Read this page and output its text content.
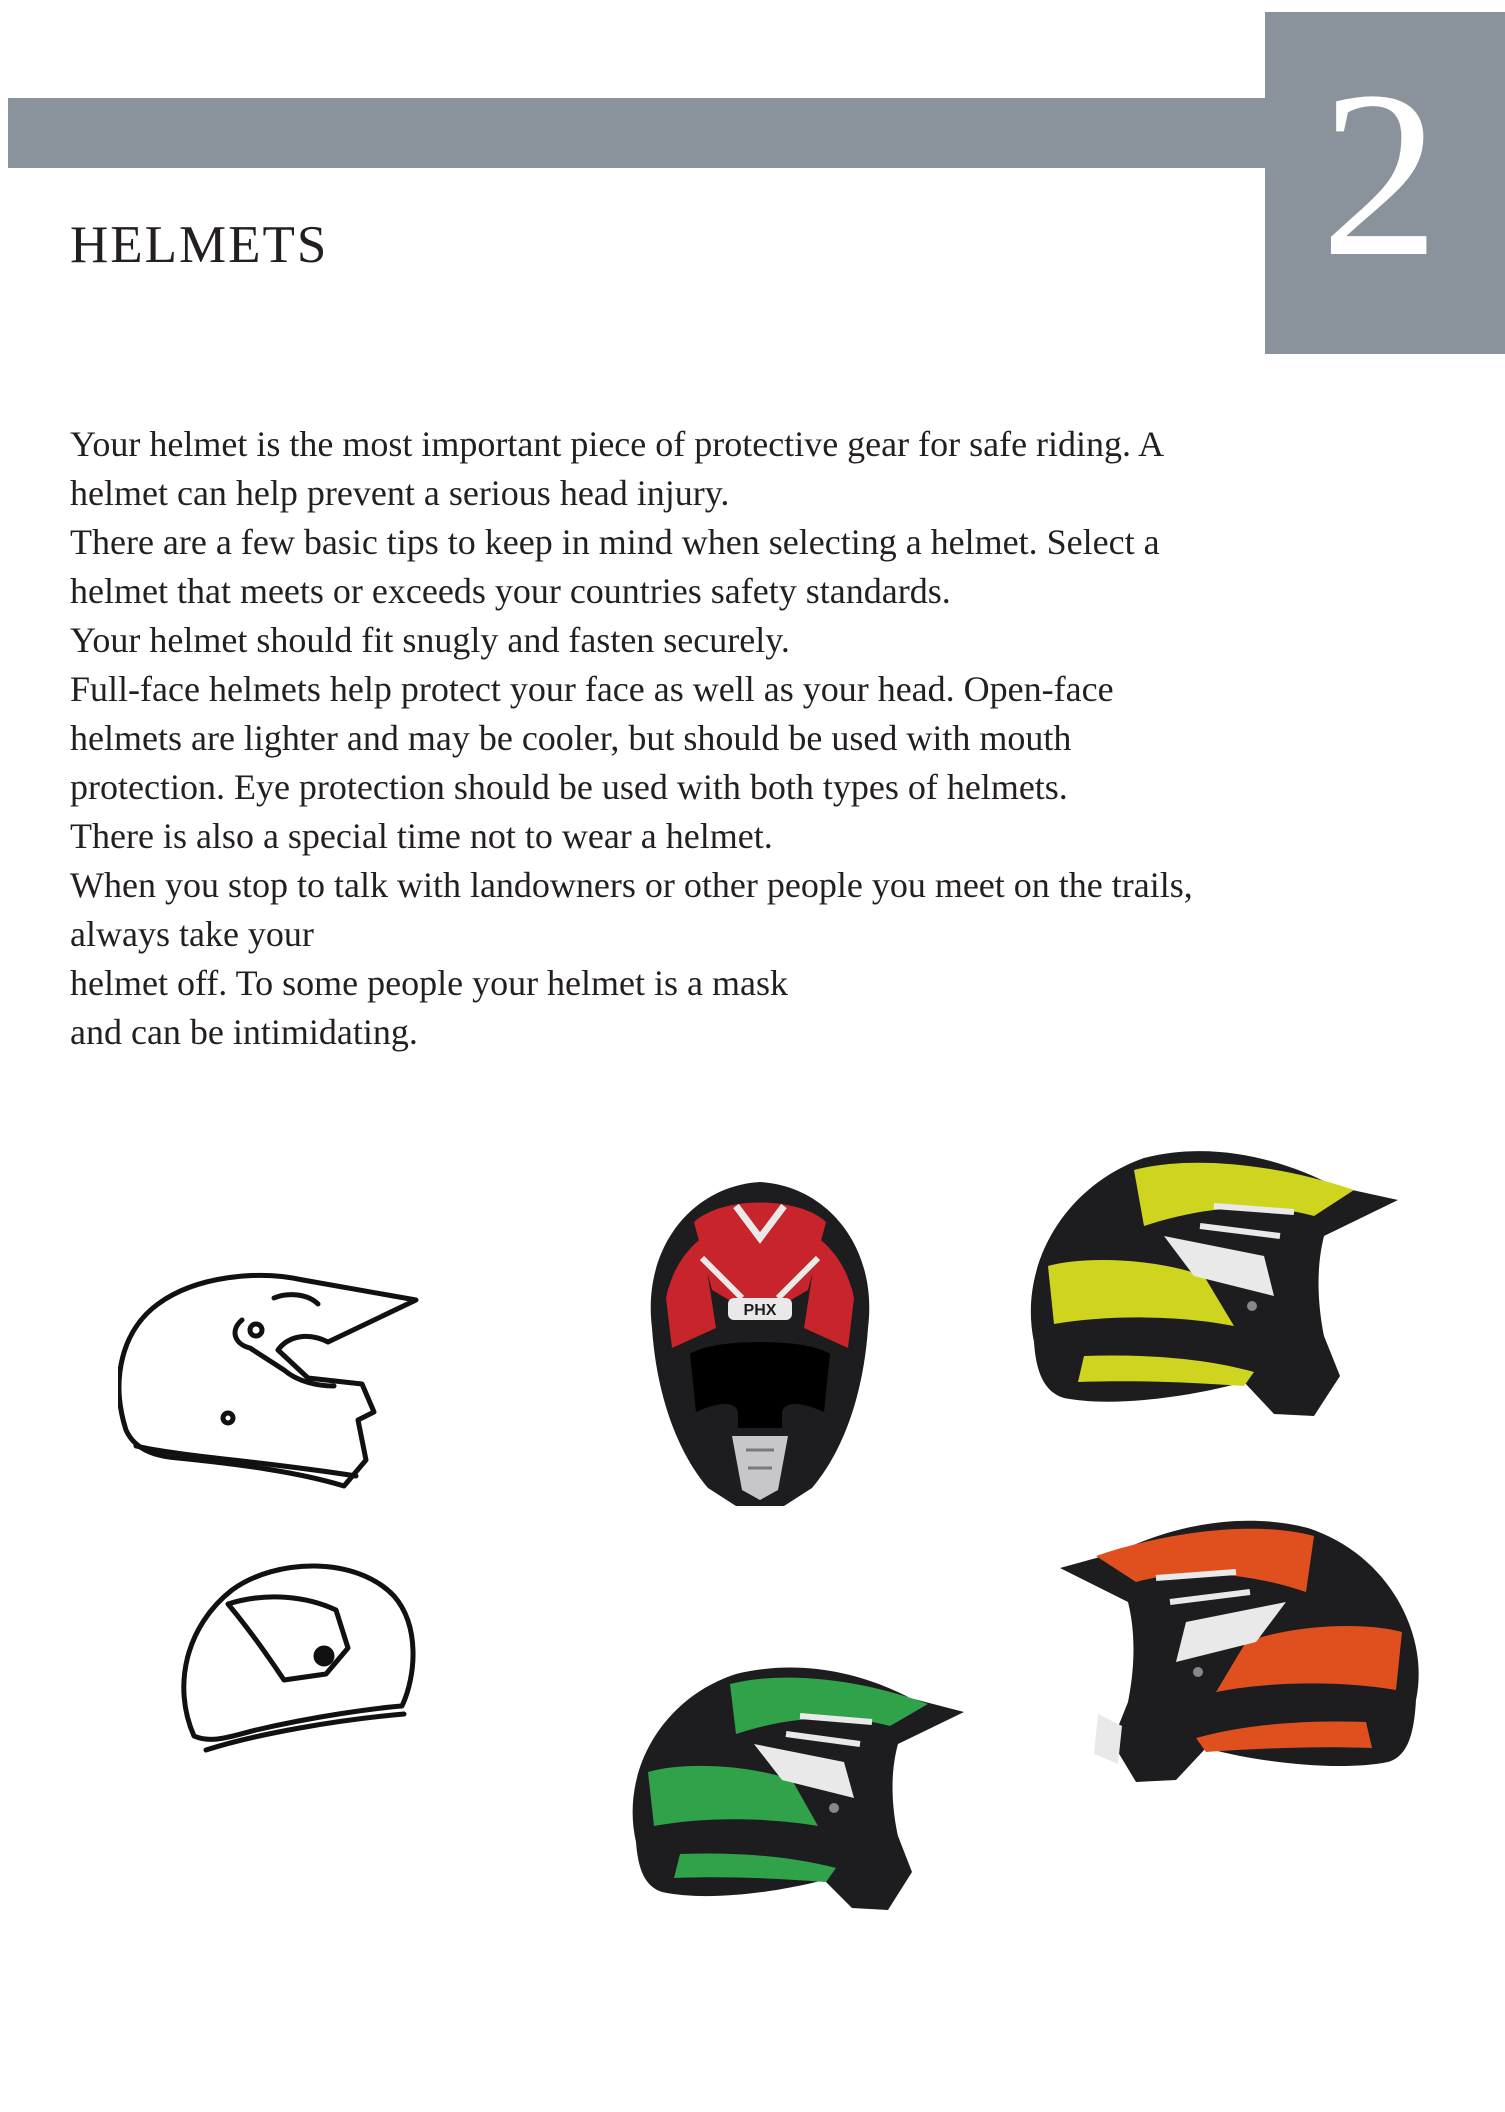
2
HELMETS

Your helmet is the most important piece of protective gear for safe riding. A

helmet can help prevent a serious head injury.

There are a few basic tips to keep in mind when selecting a helmet. Select a

helmet that meets or exceeds your countries safety standards.

Your helmet should fit snugly and fasten securely.

Full-face helmets help protect your face as well as your head. Open-face

helmets are lighter and may be cooler, but should be used with mouth

protection. Eye protection should be used with both types of helmets.

There is also a special time not to wear a helmet.

When you stop to talk with landowners or other people you meet on the trails,

always take your

helmet off. To some people your helmet is a mask

and can be intimidating.

PHX
